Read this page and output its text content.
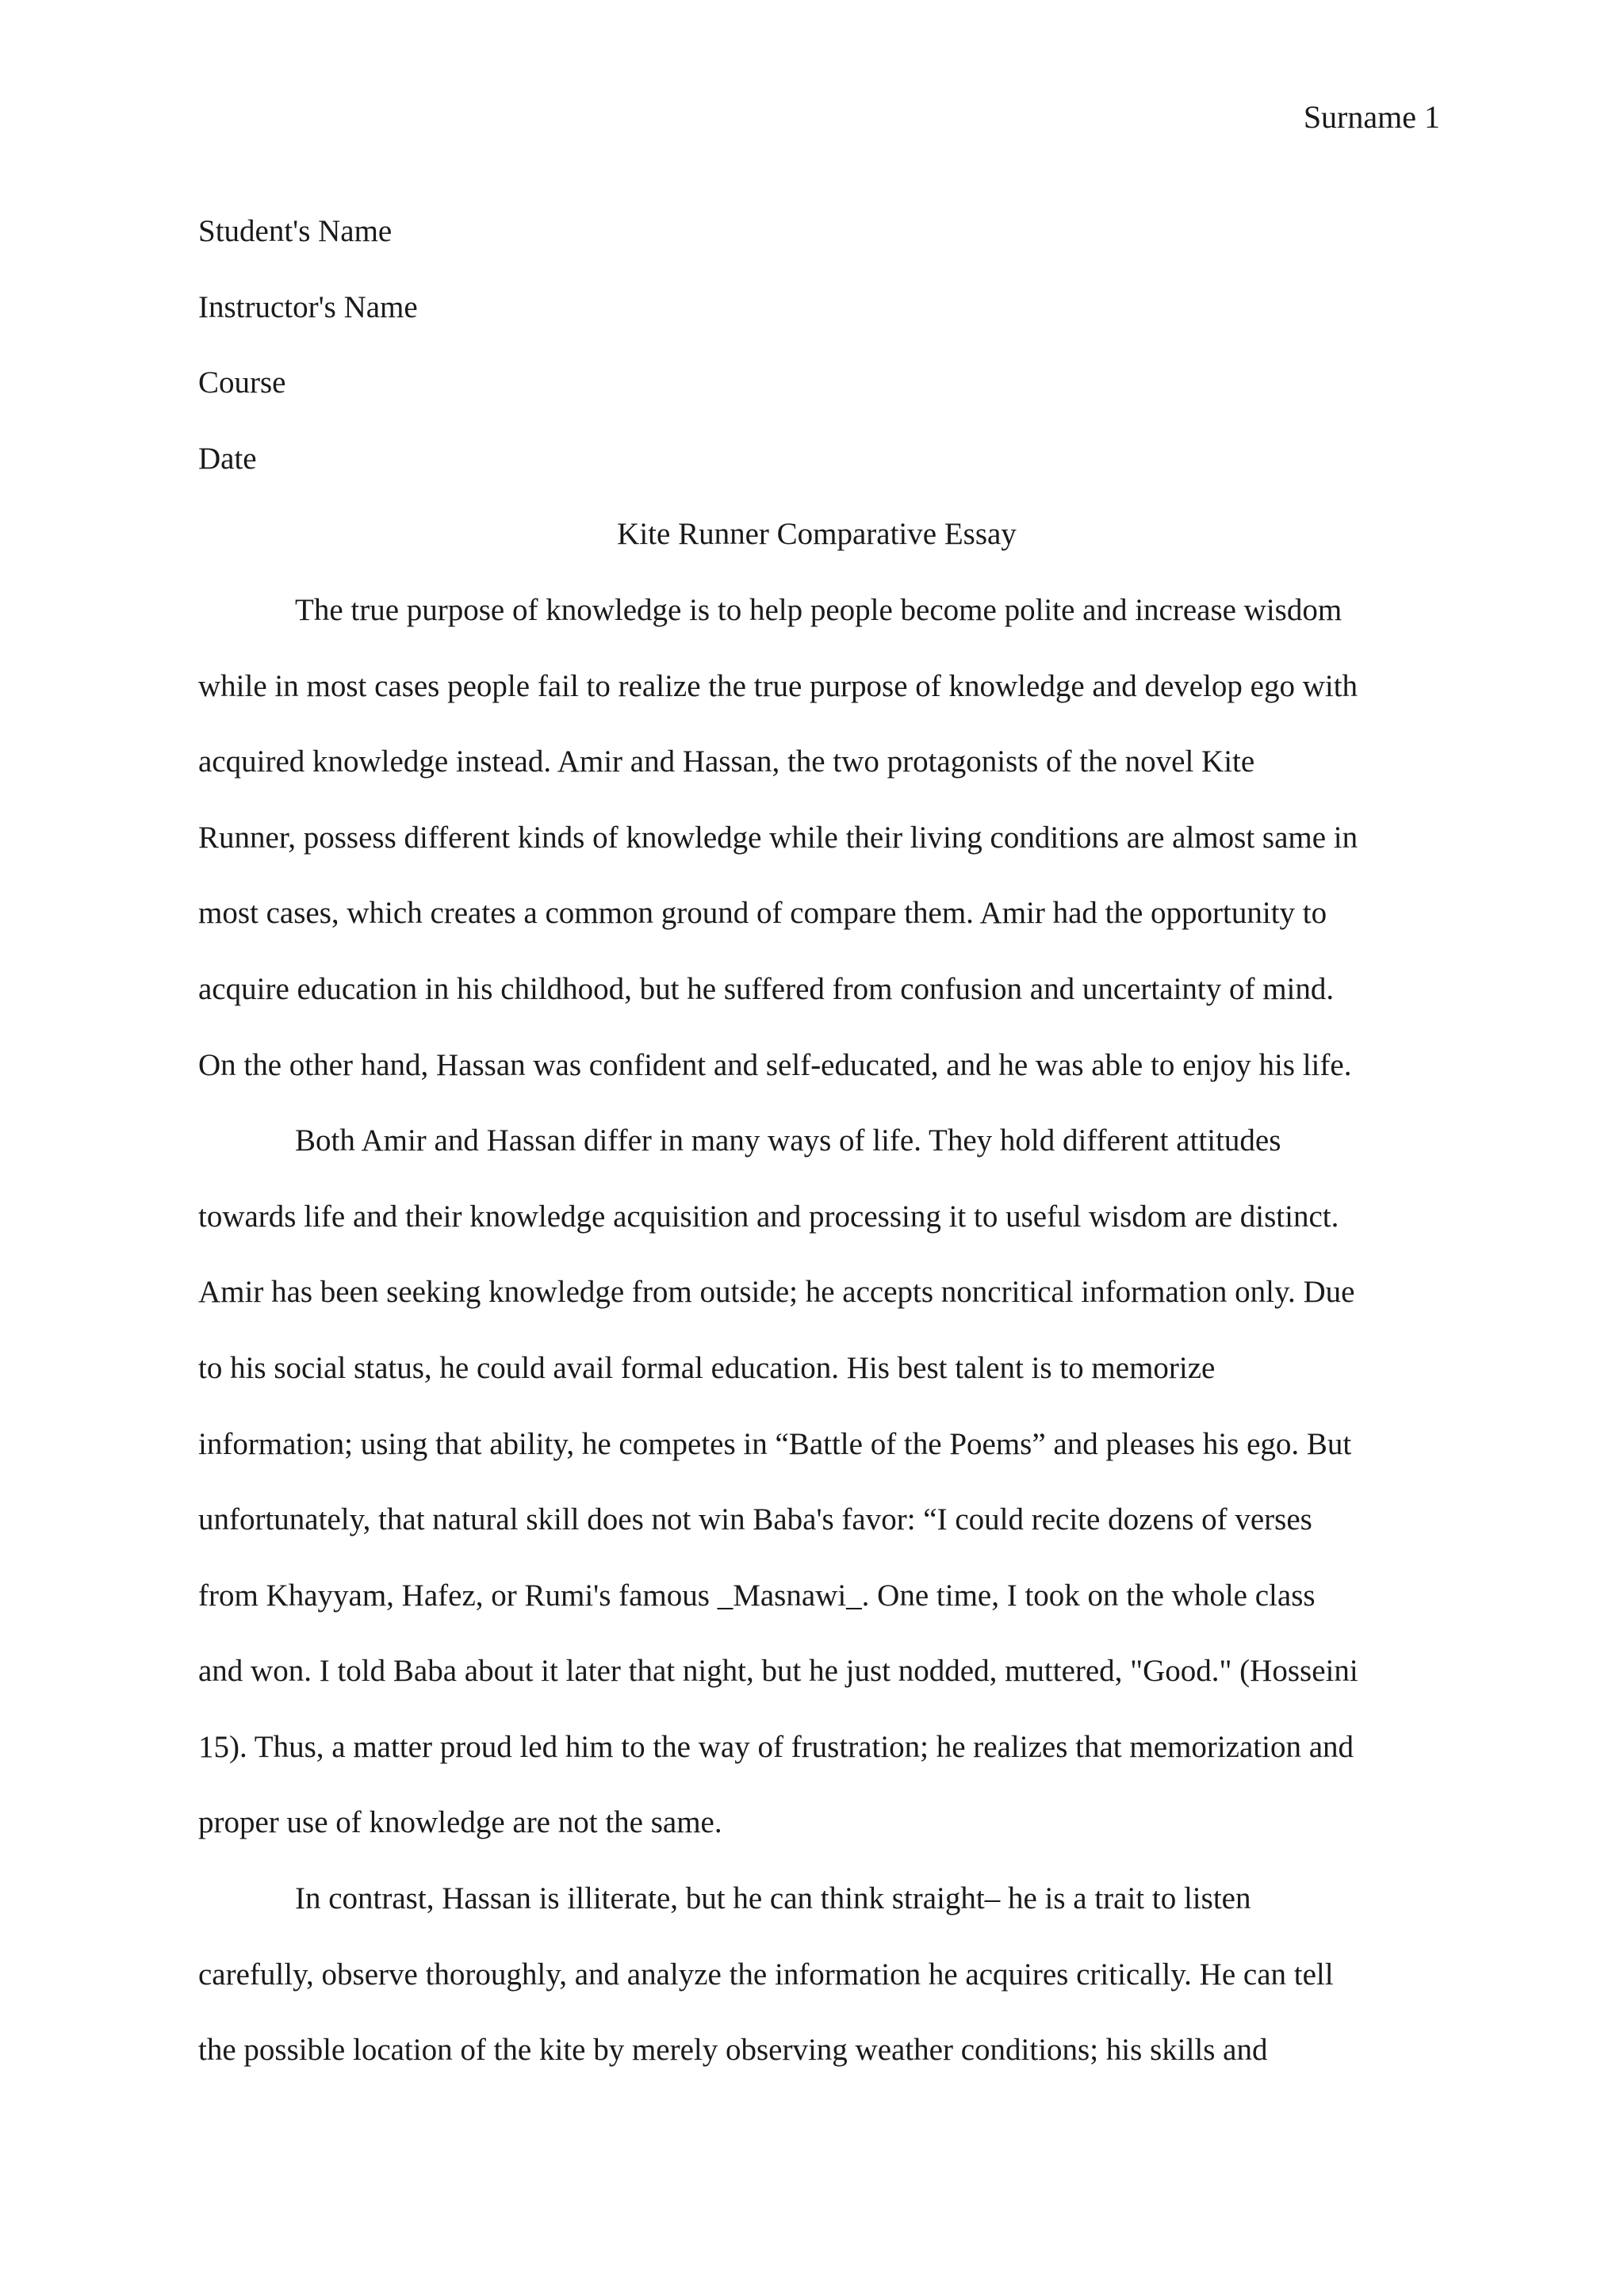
Surname 1
Student's Name
Instructor's Name
Course
Date
Kite Runner Comparative Essay
The true purpose of knowledge is to help people become polite and increase wisdom
while in most cases people fail to realize the true purpose of knowledge and develop ego with
acquired knowledge instead. Amir and Hassan, the two protagonists of the novel Kite
Runner, possess different kinds of knowledge while their living conditions are almost same in
most cases, which creates a common ground of compare them. Amir had the opportunity to
acquire education in his childhood, but he suffered from confusion and uncertainty of mind.
On the other hand, Hassan was confident and self-educated, and he was able to enjoy his life.
Both Amir and Hassan differ in many ways of life. They hold different attitudes
towards life and their knowledge acquisition and processing it to useful wisdom are distinct.
Amir has been seeking knowledge from outside; he accepts noncritical information only. Due
to his social status, he could avail formal education. His best talent is to memorize
information; using that ability, he competes in “Battle of the Poems” and pleases his ego. But
unfortunately, that natural skill does not win Baba's favor: “I could recite dozens of verses
from Khayyam, Hafez, or Rumi's famous _Masnawi_. One time, I took on the whole class
and won. I told Baba about it later that night, but he just nodded, muttered, "Good." (Hosseini
15). Thus, a matter proud led him to the way of frustration; he realizes that memorization and
proper use of knowledge are not the same.
In contrast, Hassan is illiterate, but he can think straight– he is a trait to listen
carefully, observe thoroughly, and analyze the information he acquires critically. He can tell
the possible location of the kite by merely observing weather conditions; his skills and
